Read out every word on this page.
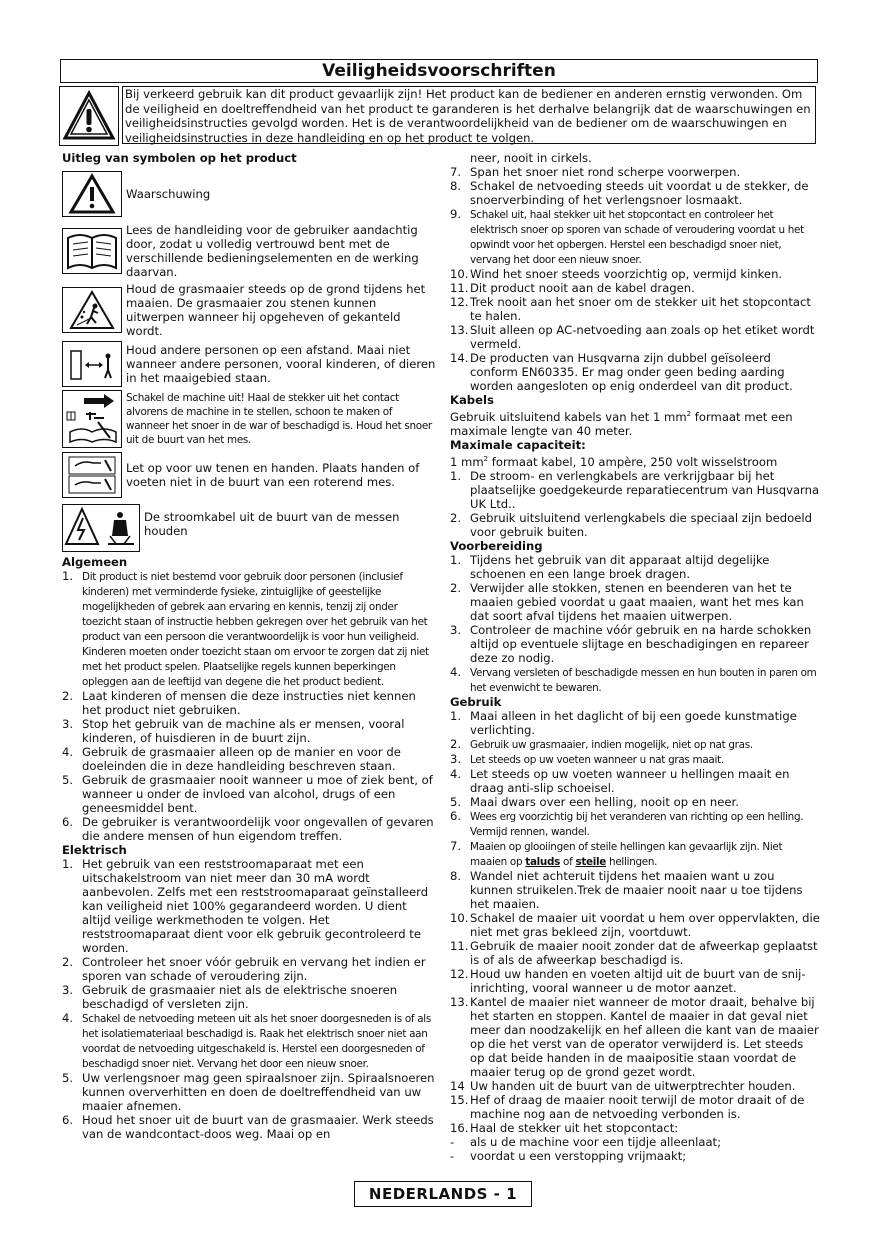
Veiligheidsvoorschriften
Bij verkeerd gebruik kan dit product gevaarlijk zijn! Het product kan de bediener en anderen ernstig verwonden. Om de veiligheid en doeltreffendheid van het product te garanderen is het derhalve belangrijk dat de waarschuwingen en veiligheidsinstructies gevolgd worden. Het is de verantwoordelijkheid van de bediener om de waarschuwingen en veiligheidsinstructies in deze handleiding en op het product te volgen.

Uitleg van symbolen op het product

Waarschuwing
Lees de handleiding voor de gebruiker aandachtig door, zodat u volledig vertrouwd bent met de verschillende bedieningselementen en de werking daarvan.
Houd de grasmaaier steeds op de grond tijdens het maaien. De grasmaaier zou stenen kunnen uitwerpen wanneer hij opgeheven of gekanteld wordt.
Houd andere personen op een afstand. Maai niet wanneer andere personen, vooral kinderen, of dieren in het maaigebied staan.
Schakel de machine uit! Haal de stekker uit het contact alvorens de machine in te stellen, schoon te maken of wanneer het snoer in de war of beschadigd is. Houd het snoer uit de buurt van het mes.
Let op voor uw tenen en handen. Plaats handen of voeten niet in de buurt van een roterend mes.
De stroomkabel uit de buurt van de messen houden

Algemeen

1. Dit product is niet bestemd voor gebruik door personen (inclusief kinderen) met verminderde fysieke, zintuiglijke of geestelijke mogelijkheden of gebrek aan ervaring en kennis, tenzij zij onder toezicht staan of instructie hebben gekregen over het gebruik van het product van een persoon die verantwoordelijk is voor hun veiligheid. Kinderen moeten onder toezicht staan om ervoor te zorgen dat zij niet met het product spelen. Plaatselijke regels kunnen beperkingen opleggen aan de leeftijd van degene die het product bedient.
2. Laat kinderen of mensen die deze instructies niet kennen het product niet gebruiken.
3. Stop het gebruik van de machine als er mensen, vooral kinderen, of huisdieren in de buurt zijn.
4. Gebruik de grasmaaier alleen op de manier en voor de doeleinden die in deze handleiding beschreven staan.
5. Gebruik de grasmaaier nooit wanneer u moe of ziek bent, of wanneer u onder de invloed van alcohol, drugs of een geneesmiddel bent.
6. De gebruiker is verantwoordelijk voor ongevallen of gevaren die andere mensen of hun eigendom treffen.

Elektrisch

1. Het gebruik van een reststroomaparaat met een uitschakelstroom van niet meer dan 30 mA wordt aanbevolen. Zelfs met een reststroomaparaat geïnstalleerd kan veiligheid niet 100% gegarandeerd worden. U dient altijd veilige werkmethoden te volgen. Het reststroomaparaat dient voor elk gebruik gecontroleerd te worden.
2. Controleer het snoer vóór gebruik en vervang het indien er sporen van schade of veroudering zijn.
3. Gebruik de grasmaaier niet als de elektrische snoeren beschadigd of versleten zijn.
4. Schakel de netvoeding meteen uit als het snoer doorgesneden is of als het isolatiemateriaal beschadigd is. Raak het elektrisch snoer niet aan voordat de netvoeding uitgeschakeld is. Herstel een doorgesneden of beschadigd snoer niet. Vervang het door een nieuw snoer.
5. Uw verlengsnoer mag geen spiraalsnoer zijn. Spiraalsnoeren kunnen oververhitten en doen de doeltreffendheid van uw maaier afnemen.
6. Houd het snoer uit de buurt van de grasmaaier. Werk steeds van de wandcontact-doos weg. Maai op en
neer, nooit in cirkels.
7. Span het snoer niet rond scherpe voorwerpen.
8. Schakel de netvoeding steeds uit voordat u de stekker, de snoerverbinding of het verlengsnoer losmaakt.
9. Schakel uit, haal stekker uit het stopcontact en controleer het elektrisch snoer op sporen van schade of veroudering voordat u het opwindt voor het opbergen. Herstel een beschadigd snoer niet, vervang het door een nieuw snoer.
10. Wind het snoer steeds voorzichtig op, vermijd kinken.
11. Dit product nooit aan de kabel dragen.
12. Trek nooit aan het snoer om de stekker uit het stopcontact te halen.
13. Sluit alleen op AC-netvoeding aan zoals op het etiket wordt vermeld.
14. De producten van Husqvarna zijn dubbel geïsoleerd conform EN60335. Er mag onder geen beding aarding worden aangesloten op enig onderdeel van dit product.

Kabels

Gebruik uitsluitend kabels van het 1 $mm^2$ formaat met een maximale lengte van 40 meter.

Maximale capaciteit:

1 $mm^2$ formaat kabel, 10 ampère, 250 volt wisselstroom

1. De stroom- en verlengkabels are verkrijgbaar bij het plaatselijke goedgekeurde reparatiecentrum van Husqvarna UK Ltd..
2. Gebruik uitsluitend verlengkabels die speciaal zijn bedoeld voor gebruik buiten.

Voorbereiding

1. Tijdens het gebruik van dit apparaat altijd degelijke schoenen en een lange broek dragen.
2. Verwijder alle stokken, stenen en beenderen van het te maaien gebied voordat u gaat maaien, want het mes kan dat soort afval tijdens het maaien uitwerpen.
3. Controleer de machine vóór gebruik en na harde schokken altijd op eventuele slijtage en beschadigingen en repareer deze zo nodig.
4. Vervang versleten of beschadigde messen en hun bouten in paren om het evenwicht te bewaren.

Gebruik

1. Maai alleen in het daglicht of bij een goede kunstmatige verlichting.
2. Gebruik uw grasmaaier, indien mogelijk, niet op nat gras.
3. Let steeds op uw voeten wanneer u nat gras maait.
4. Let steeds op uw voeten wanneer u hellingen maait en draag anti-slip schoeisel.
5. Maai dwars over een helling, nooit op en neer.
6. Wees erg voorzichtig bij het veranderen van richting op een helling. Vermijd rennen, wandel.
7. Maaien op glooiingen of steile hellingen kan gevaarlijk zijn. Niet maaien op taluds of steile hellingen.
8. Wandel niet achteruit tijdens het maaien want u zou kunnen struikelen.Trek de maaier nooit naar u toe tijdens het maaien.
10. Schakel de maaier uit voordat u hem over oppervlakten, die niet met gras bekleed zijn, voortduwt.
11. Gebruik de maaier nooit zonder dat de afweerkap geplaatst is of als de afweerkap beschadigd is.
12. Houd uw handen en voeten altijd uit de buurt van de snij-inrichting, vooral wanneer u de motor aanzet.
13. Kantel de maaier niet wanneer de motor draait, behalve bij het starten en stoppen. Kantel de maaier in dat geval niet meer dan noodzakelijk en hef alleen die kant van de maaier op die het verst van de operator verwijderd is. Let steeds op dat beide handen in de maaipositie staan voordat de maaier terug op de grond gezet wordt.
14 Uw handen uit de buurt van de uitwerptrechter houden.
15. Hef of draag de maaier nooit terwijl de motor draait of de machine nog aan de netvoeding verbonden is.
16. Haal de stekker uit het stopcontact:
- als u de machine voor een tijdje alleenlaat;
- voordat u een verstopping vrijmaakt;
NEDERLANDS - 1
